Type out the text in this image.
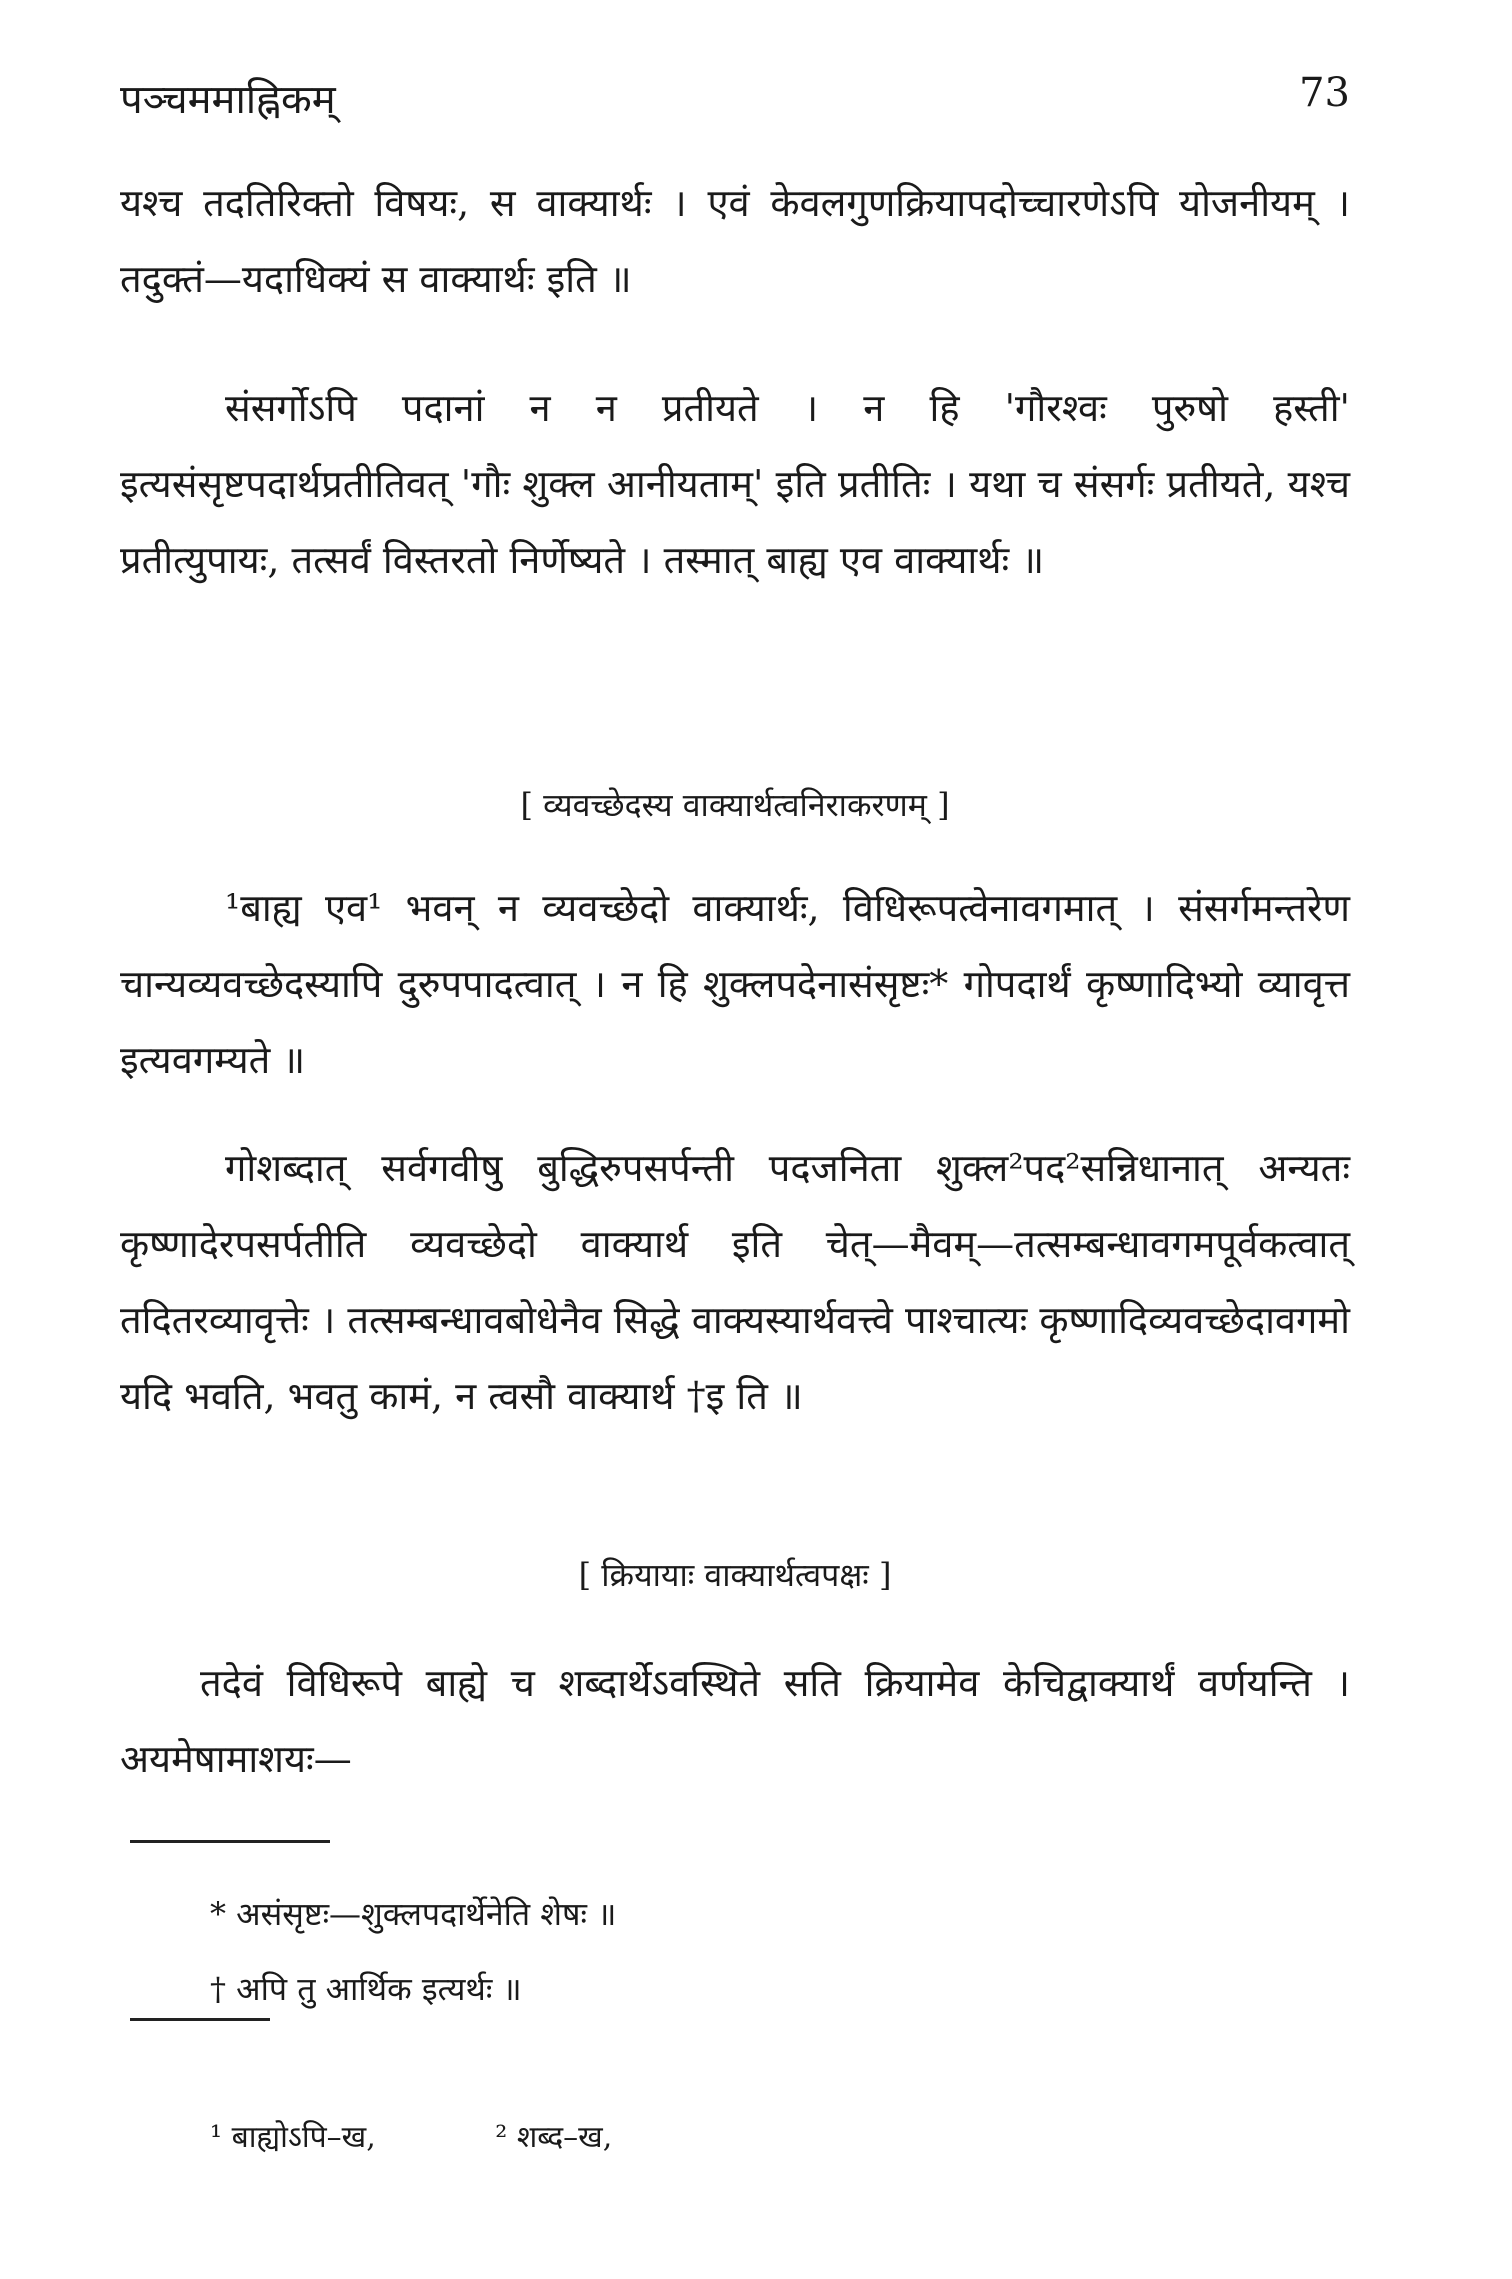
पञ्चममाह्निकम्	73
यश्च तदतिरिक्तो विषयः, स वाक्यार्थः । एवं केवलगुणक्रियापदोच्चारणेऽपि योजनीयम् । तदुक्तं—यदाधिक्यं स वाक्यार्थः इति ॥
संसर्गोऽपि पदानां न न प्रतीयते । न हि 'गौरश्वः पुरुषो हस्ती' इत्यसंसृष्टपदार्थप्रतीतिवत् 'गौः शुक्ल आनीयताम्' इति प्रतीतिः । यथा च संसर्गः प्रतीयते, यश्च प्रतीत्युपायः, तत्सर्वं विस्तरतो निर्णेष्यते । तस्मात् बाह्य एव वाक्यार्थः ॥
[ व्यवच्छेदस्य वाक्यार्थत्वनिराकरणम् ]
¹बाह्य एव¹ भवन् न व्यवच्छेदो वाक्यार्थः, विधिरूपत्वेनावगमात् । संसर्गमन्तरेण चान्यव्यवच्छेदस्यापि दुरुपपादत्वात् । न हि शुक्लपदेनासंसृष्टः* गोपदार्थं कृष्णादिभ्यो व्यावृत्त इत्यवगम्यते ॥
गोशब्दात् सर्वगवीषु बुद्धिरुपसर्पन्ती पदजनिता शुक्ल²पद²सन्निधानात् अन्यतः कृष्णादेरपसर्पतीति व्यवच्छेदो वाक्यार्थ इति चेत्—मैवम्—तत्सम्बन्धावगमपूर्वकत्वात् तदितरव्यावृत्तेः । तत्सम्बन्धावबोधेनैव सिद्धे वाक्यस्यार्थवत्त्वे पाश्चात्यः कृष्णादिव्यवच्छेदावगमो यदि भवति, भवतु कामं, न त्वसौ वाक्यार्थ †इ ति ॥
[ क्रियायाः वाक्यार्थत्वपक्षः ]
तदेवं विधिरूपे बाह्ये च शब्दार्थेऽवस्थिते सति क्रियामेव केचिद्वाक्यार्थं वर्णयन्ति । अयमेषामाशयः—
* असंसृष्टः—शुक्लपदार्थेनेति शेषः ॥
† अपि तु आर्थिक इत्यर्थः ॥
¹ बाह्योऽपि–ख,	² शब्द–ख,
